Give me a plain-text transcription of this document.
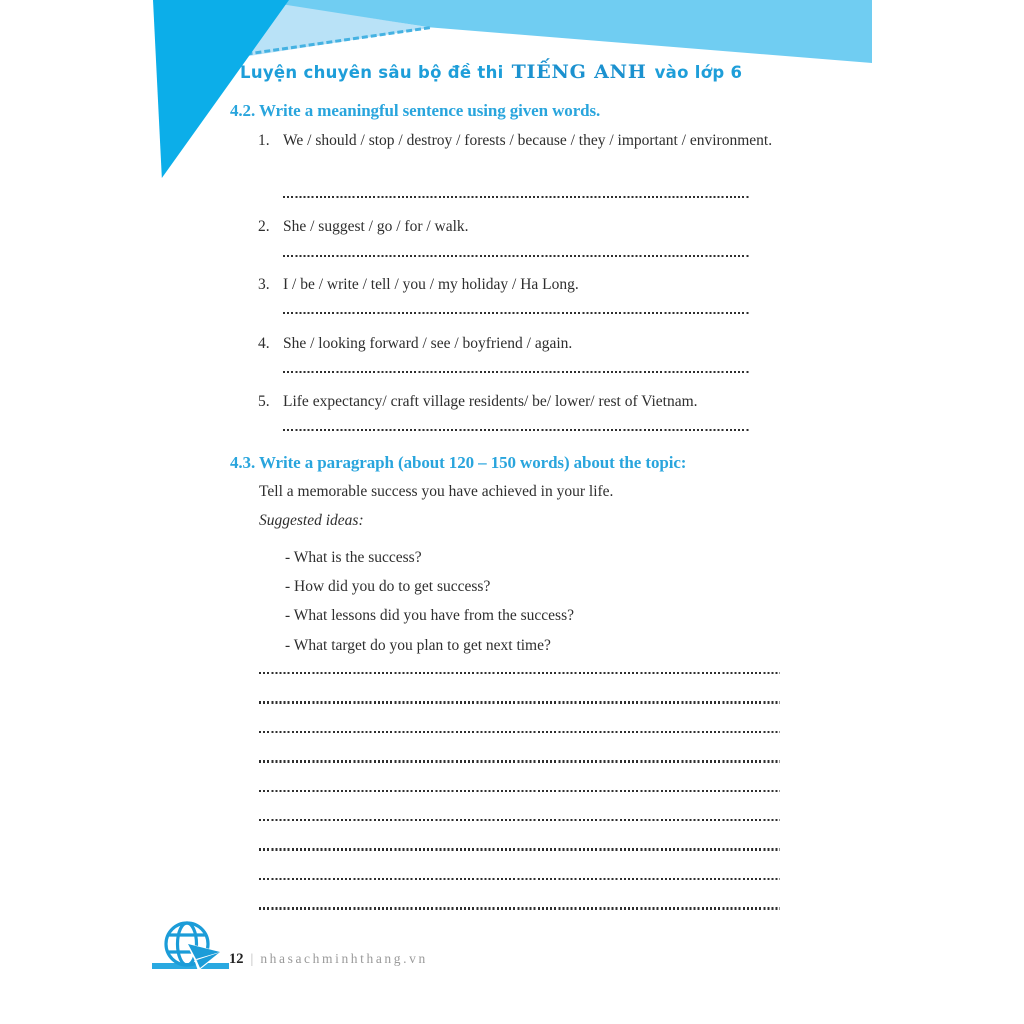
Luyện chuyên sâu bộ đề thi TIẾNG ANH vào lớp 6
4.2. Write a meaningful sentence using given words.
1. We / should / stop / destroy / forests / because / they / important / environment.
2. She / suggest / go / for / walk.
3. I / be / write / tell / you / my holiday / Ha Long.
4. She / looking forward / see / boyfriend / again.
5. Life expectancy/ craft village residents/ be/ lower/ rest of Vietnam.
4.3. Write a paragraph (about 120 – 150 words) about the topic:
Tell a memorable success you have achieved in your life.
Suggested ideas:
- What is the success?
- How did you do to get success?
- What lessons did you have from the success?
- What target do you plan to get next time?
12 | nhasachminhthang.vn
